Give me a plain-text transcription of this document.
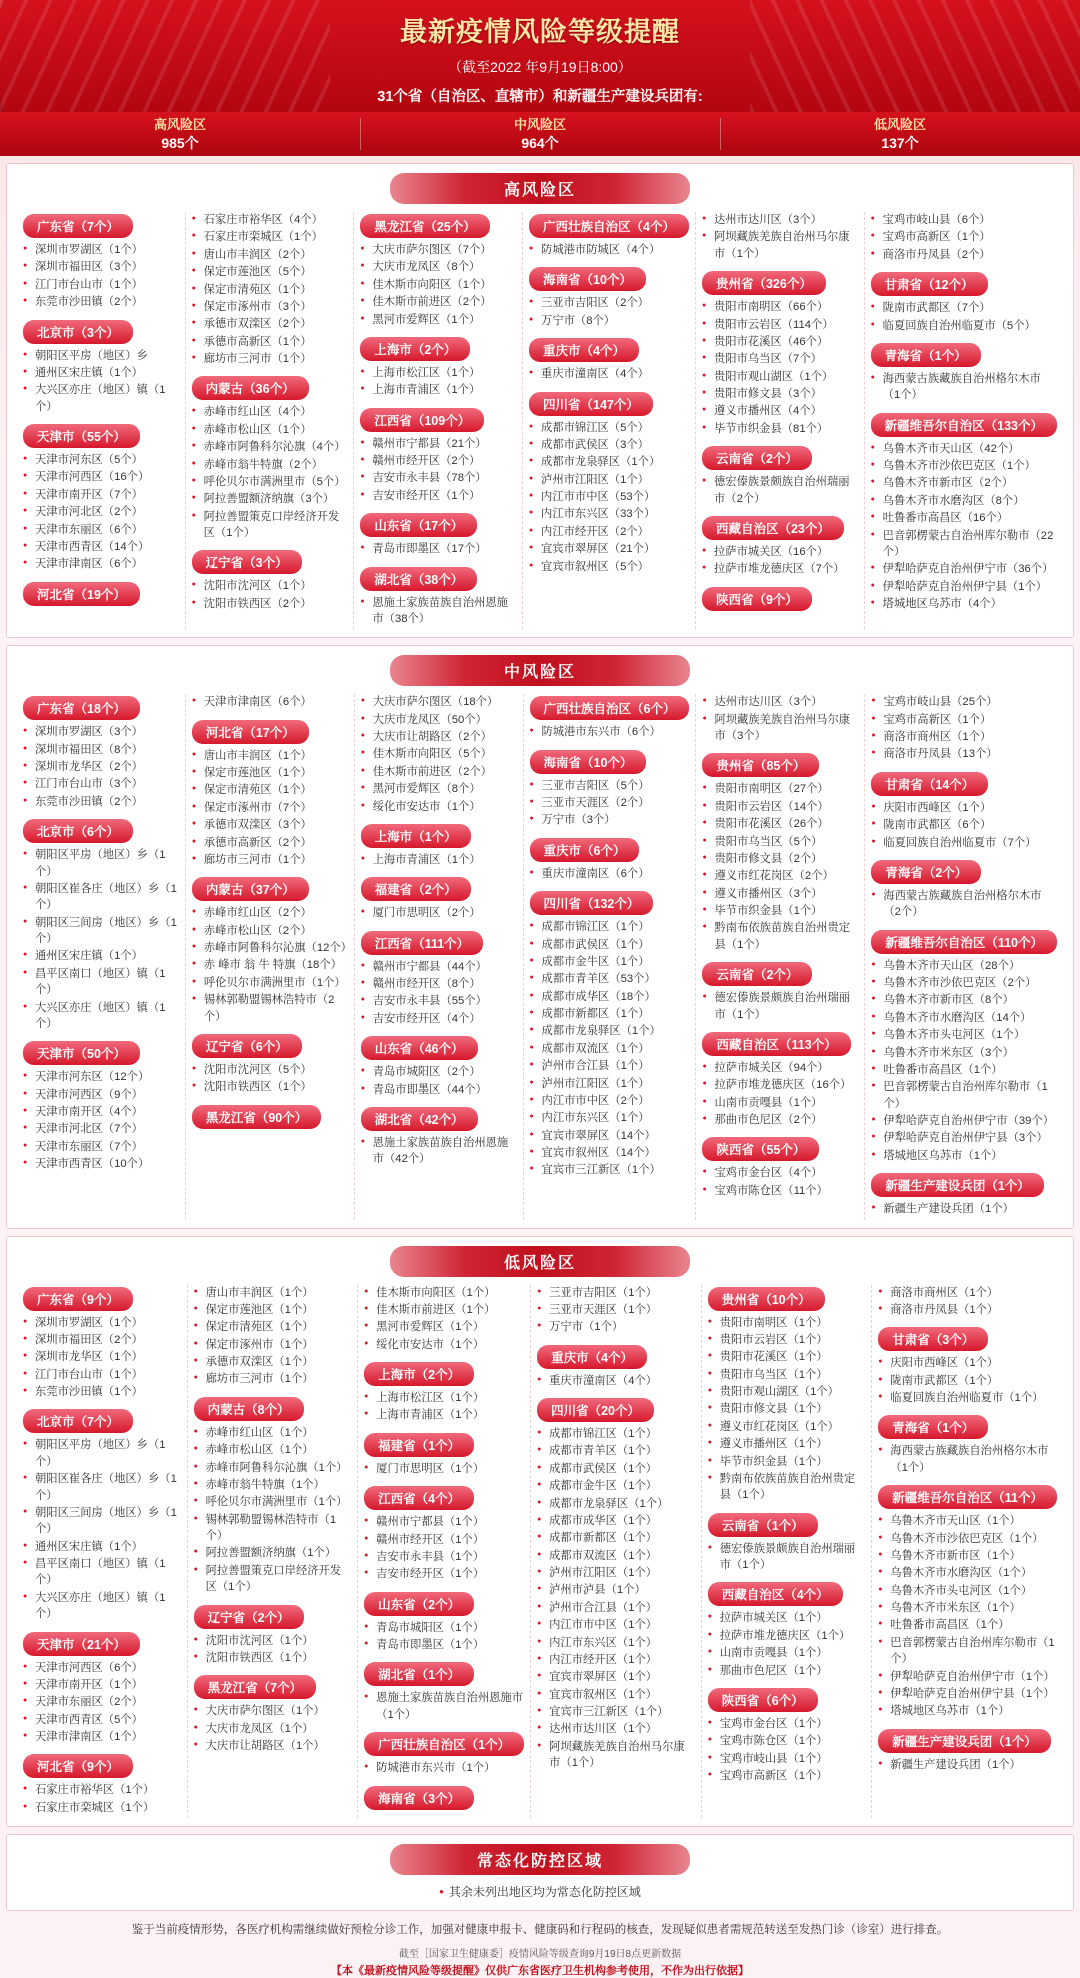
最新疫情风险等级提醒
（截至2022 年9月19日8:00）
31个省（自治区、直辖市）和新疆生产建设兵团有:
高风险区
985个
中风险区
964个
低风险区
137个
高风险区
广东省（7个）

● 深圳市罗湖区（1个）
● 深圳市福田区（3个）
● 江门市台山市（1个）
● 东莞市沙田镇（2个）
北京市（3个）

● 朝阳区平房（地区）乡
● 通州区宋庄镇（1个）
● 大兴区亦庄（地区）镇（1个）
天津市（55个）

● 天津市河东区（5个）
● 天津市河西区（16个）
● 天津市南开区（7个）
● 天津市河北区（2个）
● 天津市东丽区（6个）
● 天津市西青区（14个）
● 天津市津南区（6个）
河北省（19个）

● 石家庄市裕华区（4个）
● 石家庄市栾城区（1个）
● 唐山市丰润区（2个）
● 保定市莲池区（5个）
● 保定市清苑区（1个）
● 保定市涿州市（3个）
● 承德市双滦区（2个）
● 承德市高新区（1个）
● 廊坊市三河市（1个）
内蒙古（36个）

● 赤峰市红山区（4个）
● 赤峰市松山区（1个）
● 赤峰市阿鲁科尔沁旗（4个）
● 赤峰市翁牛特旗（2个）
● 呼伦贝尔市满洲里市（5个）
● 阿拉善盟额济纳旗（3个）
● 阿拉善盟策克口岸经济开发区（1个）
辽宁省（3个）

● 沈阳市沈河区（1个）
● 沈阳市铁西区（2个）
黑龙江省（25个）

● 大庆市萨尔图区（7个）
● 大庆市龙凤区（8个）
● 佳木斯市向阳区（1个）
● 佳木斯市前进区（2个）
● 黑河市爱辉区（1个）
上海市（2个）

● 上海市松江区（1个）
● 上海市青浦区（1个）
江西省（109个）

● 赣州市宁都县（21个）
● 赣州市经开区（2个）
● 吉安市永丰县（78个）
● 吉安市经开区（1个）
山东省（17个）

● 青岛市即墨区（17个）
湖北省（38个）

● 恩施土家族苗族自治州恩施市（38个）
广西壮族自治区（4个）

● 防城港市防城区（4个）
海南省（10个）

● 三亚市吉阳区（2个）
● 万宁市（8个）
重庆市（4个）

● 重庆市潼南区（4个）
四川省（147个）

● 成都市锦江区（5个）
● 成都市武侯区（3个）
● 成都市龙泉驿区（1个）
● 泸州市江阳区（1个）
● 内江市市中区（53个）
● 内江市东兴区（33个）
● 内江市经开区（2个）
● 宜宾市翠屏区（21个）
● 宜宾市叙州区（5个）
● 达州市达川区（3个）
● 阿坝藏族羌族自治州马尔康市（1个）
贵州省（326个）

● 贵阳市南明区（66个）
● 贵阳市云岩区（114个）
● 贵阳市花溪区（46个）
● 贵阳市乌当区（7个）
● 贵阳市观山湖区（1个）
● 贵阳市修文县（3个）
● 遵义市播州区（4个）
● 毕节市织金县（81个）
云南省（2个）

● 德宏傣族景颇族自治州瑞丽市（2个）
西藏自治区（23个）

● 拉萨市城关区（16个）
● 拉萨市堆龙德庆区（7个）
陕西省（9个）

● 宝鸡市岐山县（6个）
● 宝鸡市高新区（1个）
● 商洛市丹凤县（2个）
甘肃省（12个）

● 陇南市武都区（7个）
● 临夏回族自治州临夏市（5个）
青海省（1个）

● 海西蒙古族藏族自治州格尔木市（1个）
新疆维吾尔自治区（133个）

● 乌鲁木齐市天山区（42个）
● 乌鲁木齐市沙依巴克区（1个）
● 乌鲁木齐市新市区（2个）
● 乌鲁木齐市水磨沟区（8个）
● 吐鲁番市高昌区（16个）
● 巴音郭楞蒙古自治州库尔勒市（22个）
● 伊犁哈萨克自治州伊宁市（36个）
● 伊犁哈萨克自治州伊宁县（1个）
● 塔城地区乌苏市（4个）
中风险区
广东省（18个）

● 深圳市罗湖区（3个）
● 深圳市福田区（8个）
● 深圳市龙华区（2个）
● 江门市台山市（3个）
● 东莞市沙田镇（2个）
北京市（6个）

● 朝阳区平房（地区）乡（1个）
● 朝阳区崔各庄（地区）乡（1个）
● 朝阳区三间房（地区）乡（1个）
● 通州区宋庄镇（1个）
● 昌平区南口（地区）镇（1个）
● 大兴区亦庄（地区）镇（1个）
天津市（50个）

● 天津市河东区（12个）
● 天津市河西区（9个）
● 天津市南开区（4个）
● 天津市河北区（7个）
● 天津市东丽区（7个）
● 天津市西青区（10个）
● 天津市津南区（6个）
河北省（17个）

● 唐山市丰润区（1个）
● 保定市莲池区（1个）
● 保定市清苑区（1个）
● 保定市涿州市（7个）
● 承德市双滦区（3个）
● 承德市高新区（2个）
● 廊坊市三河市（1个）
内蒙古（37个）

● 赤峰市红山区（2个）
● 赤峰市松山区（2个）
● 赤峰市阿鲁科尔沁旗（12个）
● 赤 峰市 翁 牛 特旗（18个）
● 呼伦贝尔市满洲里市（1个）
● 锡林郭勒盟锡林浩特市（2个）
辽宁省（6个）

● 沈阳市沈河区（5个）
● 沈阳市铁西区（1个）
黑龙江省（90个）

● 大庆市萨尔图区（18个）
● 大庆市龙凤区（50个）
● 大庆市让胡路区（2个）
● 佳木斯市向阳区（5个）
● 佳木斯市前进区（2个）
● 黑河市爱辉区（8个）
● 绥化市安达市（1个）
上海市（1个）

● 上海市青浦区（1个）
福建省（2个）

● 厦门市思明区（2个）
江西省（111个）

● 赣州市宁都县（44个）
● 赣州市经开区（8个）
● 吉安市永丰县（55个）
● 吉安市经开区（4个）
山东省（46个）

● 青岛市城阳区（2个）
● 青岛市即墨区（44个）
湖北省（42个）

● 恩施土家族苗族自治州恩施市（42个）
广西壮族自治区（6个）

● 防城港市东兴市（6个）
海南省（10个）

● 三亚市吉阳区（5个）
● 三亚市天涯区（2个）
● 万宁市（3个）
重庆市（6个）

● 重庆市潼南区（6个）
四川省（132个）

● 成都市锦江区（1个）
● 成都市武侯区（1个）
● 成都市金牛区（1个）
● 成都市青羊区（53个）
● 成都市成华区（18个）
● 成都市新都区（1个）
● 成都市龙泉驿区（1个）
● 成都市双流区（1个）
● 泸州市合江县（1个）
● 泸州市江阳区（1个）
● 内江市市中区（2个）
● 内江市东兴区（1个）
● 宜宾市翠屏区（14个）
● 宜宾市叙州区（14个）
● 宜宾市三江新区（1个）
● 达州市达川区（3个）
● 阿坝藏族羌族自治州马尔康市（3个）
贵州省（85个）

● 贵阳市南明区（27个）
● 贵阳市云岩区（14个）
● 贵阳市花溪区（26个）
● 贵阳市乌当区（5个）
● 贵阳市修文县（2个）
● 遵义市红花岗区（2个）
● 遵义市播州区（3个）
● 毕节市织金县（1个）
● 黔南布依族苗族自治州贵定县（1个）
云南省（2个）

● 德宏傣族景颇族自治州瑞丽市（1个）
西藏自治区（113个）

● 拉萨市城关区（94个）
● 拉萨市堆龙德庆区（16个）
● 山南市贡嘎县（1个）
● 那曲市色尼区（2个）
陕西省（55个）

● 宝鸡市金台区（4个）
● 宝鸡市陈仓区（11个）
● 宝鸡市岐山县（25个）
● 宝鸡市高新区（1个）
● 商洛市商州区（1个）
● 商洛市丹凤县（13个）
甘肃省（14个）

● 庆阳市西峰区（1个）
● 陇南市武都区（6个）
● 临夏回族自治州临夏市（7个）
青海省（2个）

● 海西蒙古族藏族自治州格尔木市（2个）
新疆维吾尔自治区（110个）

● 乌鲁木齐市天山区（28个）
● 乌鲁木齐市沙依巴克区（2个）
● 乌鲁木齐市新市区（8个）
● 乌鲁木齐市水磨沟区（14个）
● 乌鲁木齐市头屯河区（1个）
● 乌鲁木齐市米东区（3个）
● 吐鲁番市高昌区（1个）
● 巴音郭楞蒙古自治州库尔勒市（1个）
● 伊犁哈萨克自治州伊宁市（39个）
● 伊犁哈萨克自治州伊宁县（3个）
● 塔城地区乌苏市（1个）
新疆生产建设兵团（1个）

● 新疆生产建设兵团（1个）
低风险区
广东省（9个）

● 深圳市罗湖区（1个）
● 深圳市福田区（2个）
● 深圳市龙华区（1个）
● 江门市台山市（1个）
● 东莞市沙田镇（1个）
北京市（7个）

● 朝阳区平房（地区）乡（1个）
● 朝阳区崔各庄（地区）乡（1个）
● 朝阳区三间房（地区）乡（1个）
● 通州区宋庄镇（1个）
● 昌平区南口（地区）镇（1个）
● 大兴区亦庄（地区）镇（1个）
天津市（21个）

● 天津市河西区（6个）
● 天津市南开区（1个）
● 天津市东丽区（2个）
● 天津市西青区（5个）
● 天津市津南区（1个）
河北省（9个）

● 石家庄市裕华区（1个）
● 石家庄市栾城区（1个）
● 唐山市丰润区（1个）
● 保定市莲池区（1个）
● 保定市清苑区（1个）
● 保定市涿州市（1个）
● 承德市双滦区（1个）
● 廊坊市三河市（1个）
内蒙古（8个）

● 赤峰市红山区（1个）
● 赤峰市松山区（1个）
● 赤峰市阿鲁科尔沁旗（1个）
● 赤峰市翁牛特旗（1个）
● 呼伦贝尔市满洲里市（1个）
● 锡林郭勒盟锡林浩特市（1个）
● 阿拉善盟额济纳旗（1个）
● 阿拉善盟策克口岸经济开发区（1个）
辽宁省（2个）

● 沈阳市沈河区（1个）
● 沈阳市铁西区（1个）
黑龙江省（7个）

● 大庆市萨尔图区（1个）
● 大庆市龙凤区（1个）
● 大庆市让胡路区（1个）
● 佳木斯市向阳区（1个）
● 佳木斯市前进区（1个）
● 黑河市爱辉区（1个）
● 绥化市安达市（1个）
上海市（2个）

● 上海市松江区（1个）
● 上海市青浦区（1个）
福建省（1个）

● 厦门市思明区（1个）
江西省（4个）

● 赣州市宁都县（1个）
● 赣州市经开区（1个）
● 吉安市永丰县（1个）
● 吉安市经开区（1个）
山东省（2个）

● 青岛市城阳区（1个）
● 青岛市即墨区（1个）
湖北省（1个）

● 恩施土家族苗族自治州恩施市（1个）
广西壮族自治区（1个）

● 防城港市东兴市（1个）
海南省（3个）

● 三亚市吉阳区（1个）
● 三亚市天涯区（1个）
● 万宁市（1个）
重庆市（4个）

● 重庆市潼南区（4个）
四川省（20个）

● 成都市锦江区（1个）
● 成都市青羊区（1个）
● 成都市武侯区（1个）
● 成都市金牛区（1个）
● 成都市龙泉驿区（1个）
● 成都市成华区（1个）
● 成都市新都区（1个）
● 成都市双流区（1个）
● 泸州市江阳区（1个）
● 泸州市泸县（1个）
● 泸州市合江县（1个）
● 内江市市中区（1个）
● 内江市东兴区（1个）
● 内江市经开区（1个）
● 宜宾市翠屏区（1个）
● 宜宾市叙州区（1个）
● 宜宾市三江新区（1个）
● 达州市达川区（1个）
● 阿坝藏族羌族自治州马尔康市（1个）
贵州省（10个）

● 贵阳市南明区（1个）
● 贵阳市云岩区（1个）
● 贵阳市花溪区（1个）
● 贵阳市乌当区（1个）
● 贵阳市观山湖区（1个）
● 贵阳市修文县（1个）
● 遵义市红花岗区（1个）
● 遵义市播州区（1个）
● 毕节市织金县（1个）
● 黔南布依族苗族自治州贵定县（1个）
云南省（1个）

● 德宏傣族景颇族自治州瑞丽市（1个）
西藏自治区（4个）

● 拉萨市城关区（1个）
● 拉萨市堆龙德庆区（1个）
● 山南市贡嘎县（1个）
● 那曲市色尼区（1个）
陕西省（6个）

● 宝鸡市金台区（1个）
● 宝鸡市陈仓区（1个）
● 宝鸡市岐山县（1个）
● 宝鸡市高新区（1个）
● 商洛市商州区（1个）
● 商洛市丹凤县（1个）
甘肃省（3个）

● 庆阳市西峰区（1个）
● 陇南市武都区（1个）
● 临夏回族自治州临夏市（1个）
青海省（1个）

● 海西蒙古族藏族自治州格尔木市（1个）
新疆维吾尔自治区（11个）

● 乌鲁木齐市天山区（1个）
● 乌鲁木齐市沙依巴克区（1个）
● 乌鲁木齐市新市区（1个）
● 乌鲁木齐市水磨沟区（1个）
● 乌鲁木齐市头屯河区（1个）
● 乌鲁木齐市米东区（1个）
● 吐鲁番市高昌区（1个）
● 巴音郭楞蒙古自治州库尔勒市（1个）
● 伊犁哈萨克自治州伊宁市（1个）
● 伊犁哈萨克自治州伊宁县（1个）
● 塔城地区乌苏市（1个）
新疆生产建设兵团（1个）

● 新疆生产建设兵团（1个）
常态化防控区域
● 其余未列出地区均为常态化防控区域
鉴于当前疫情形势，各医疗机构需继续做好预检分诊工作，加强对健康申报卡、健康码和行程码的核查，发现疑似患者需规范转送至发热门诊（诊室）进行排查。
截至［国家卫生健康委］疫情风险等级查询9月19日8点更新数据
【本《最新疫情风险等级提醒》仅供广东省医疗卫生机构参考使用，不作为出行依据】
